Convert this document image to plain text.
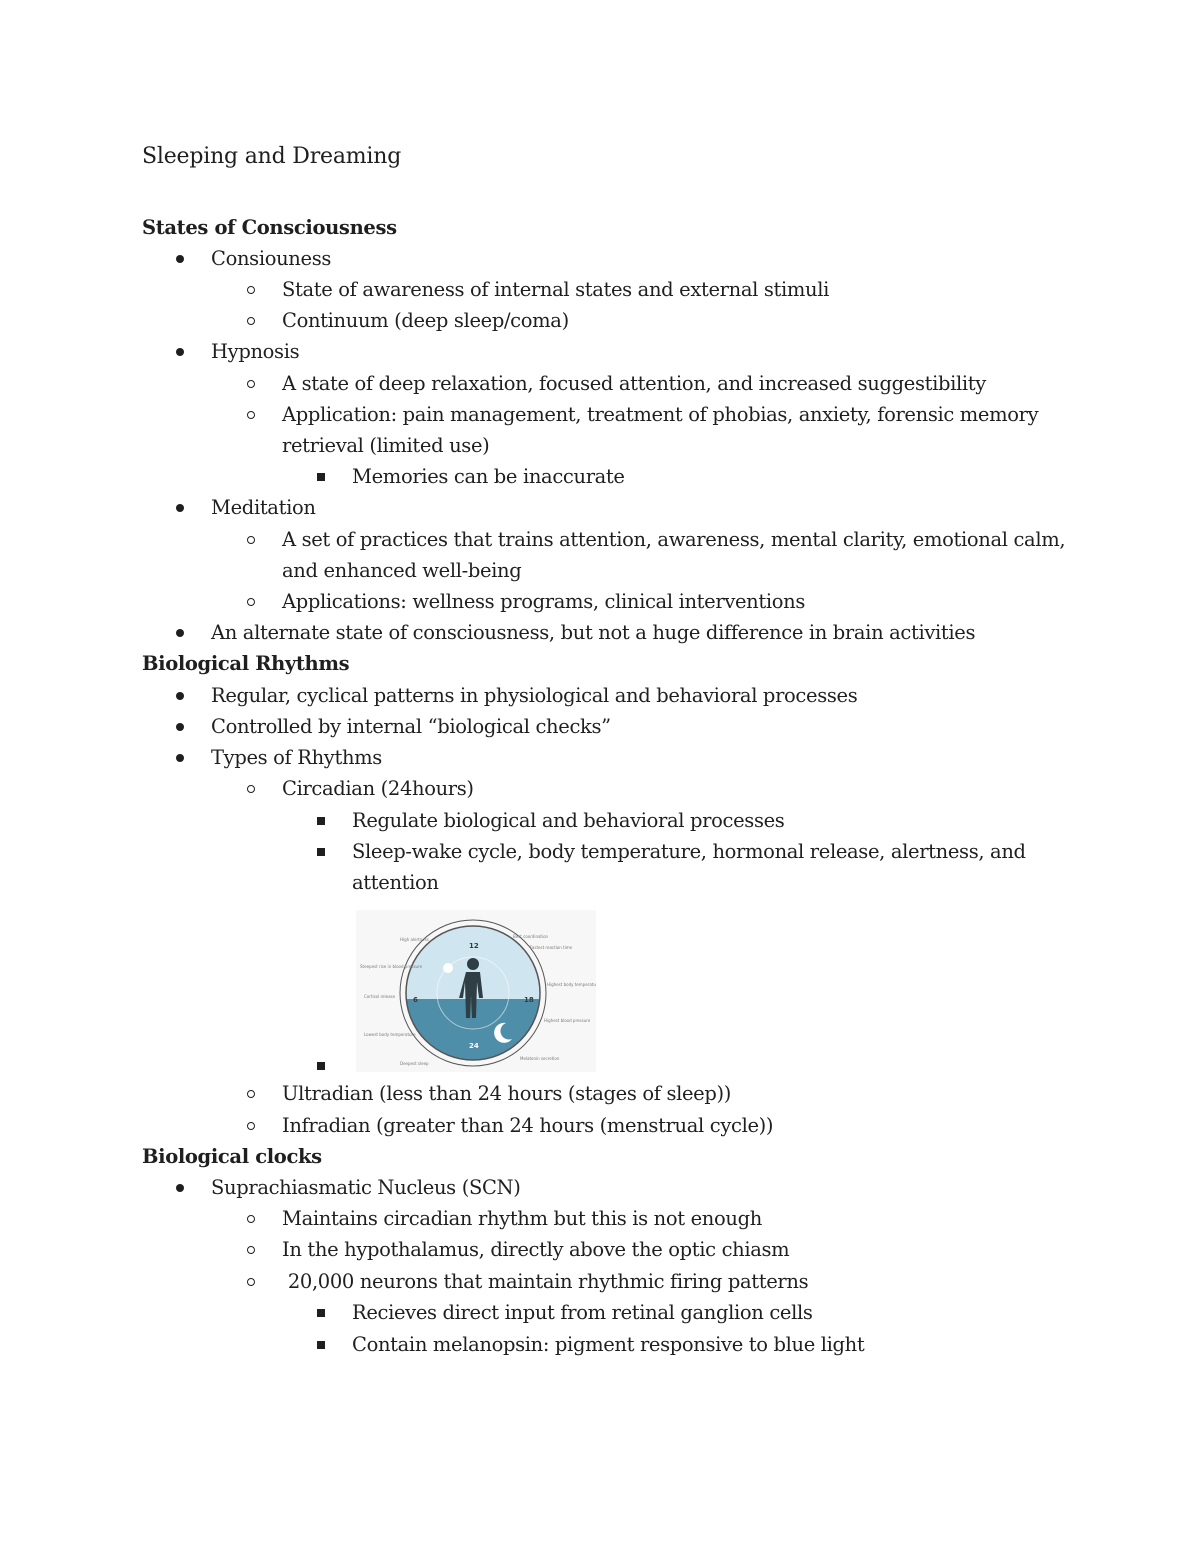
Sleeping and Dreaming
States of Consciousness
Consiouness
State of awareness of internal states and external stimuli
Continuum (deep sleep/coma)
Hypnosis
A state of deep relaxation, focused attention, and increased suggestibility
Application: pain management, treatment of phobias, anxiety, forensic memory
retrieval (limited use)
Memories can be inaccurate
Meditation
A set of practices that trains attention, awareness, mental clarity, emotional calm,
and enhanced well-being
Applications: wellness programs, clinical interventions
An alternate state of consciousness, but not a huge difference in brain activities
Biological Rhythms
Regular, cyclical patterns in physiological and behavioral processes
Controlled by internal “biological checks”
Types of Rhythms
Circadian (24hours)
Regulate biological and behavioral processes
Sleep-wake cycle, body temperature, hormonal release, alertness, and
attention
12
6	18
24
High alertness
Best coordination
Fastest reaction time
Steepest rise in blood pressure
Highest body temperature
Cortisol release
Highest blood pressure
Lowest body temperature
Melatonin secretion
Deepest sleep
Ultradian (less than 24 hours (stages of sleep))
Infradian (greater than 24 hours (menstrual cycle))
Biological clocks
Suprachiasmatic Nucleus (SCN)
Maintains circadian rhythm but this is not enough
In the hypothalamus, directly above the optic chiasm
20,000 neurons that maintain rhythmic firing patterns
Recieves direct input from retinal ganglion cells
Contain melanopsin: pigment responsive to blue light
